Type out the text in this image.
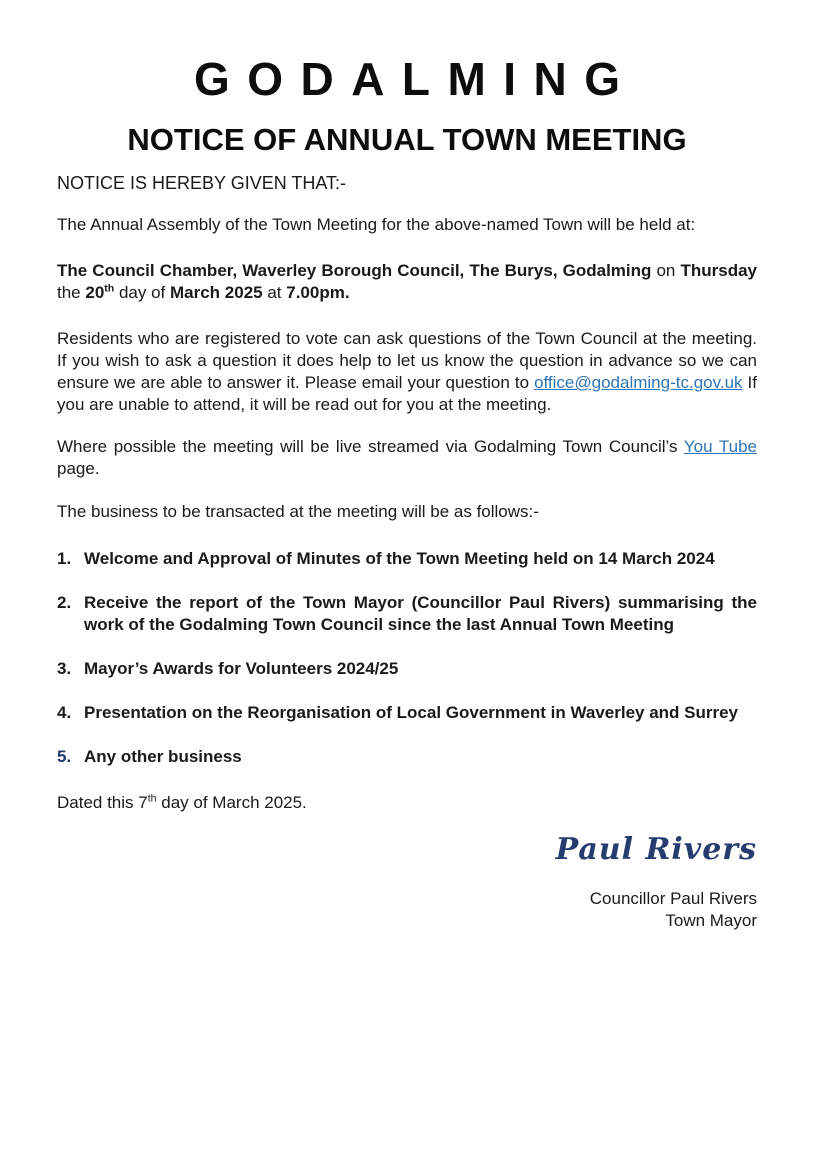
GODALMING
NOTICE OF ANNUAL TOWN MEETING

NOTICE IS HEREBY GIVEN THAT:-

The Annual Assembly of the Town Meeting for the above-named Town will be held at:

The Council Chamber, Waverley Borough Council, The Burys, Godalming on Thursday the 20th day of March 2025 at 7.00pm.

Residents who are registered to vote can ask questions of the Town Council at the meeting. If you wish to ask a question it does help to let us know the question in advance so we can ensure we are able to answer it. Please email your question to office@godalming-tc.gov.uk If you are unable to attend, it will be read out for you at the meeting.

Where possible the meeting will be live streamed via Godalming Town Council’s You Tube page.

The business to be transacted at the meeting will be as follows:-

1. Welcome and Approval of Minutes of the Town Meeting held on 14 March 2024
2. Receive the report of the Town Mayor (Councillor Paul Rivers) summarising the work of the Godalming Town Council since the last Annual Town Meeting
3. Mayor’s Awards for Volunteers 2024/25
4. Presentation on the Reorganisation of Local Government in Waverley and Surrey
5. Any other business

Dated this 7th day of March 2025.

Paul Rivers
Councillor Paul Rivers
Town Mayor
